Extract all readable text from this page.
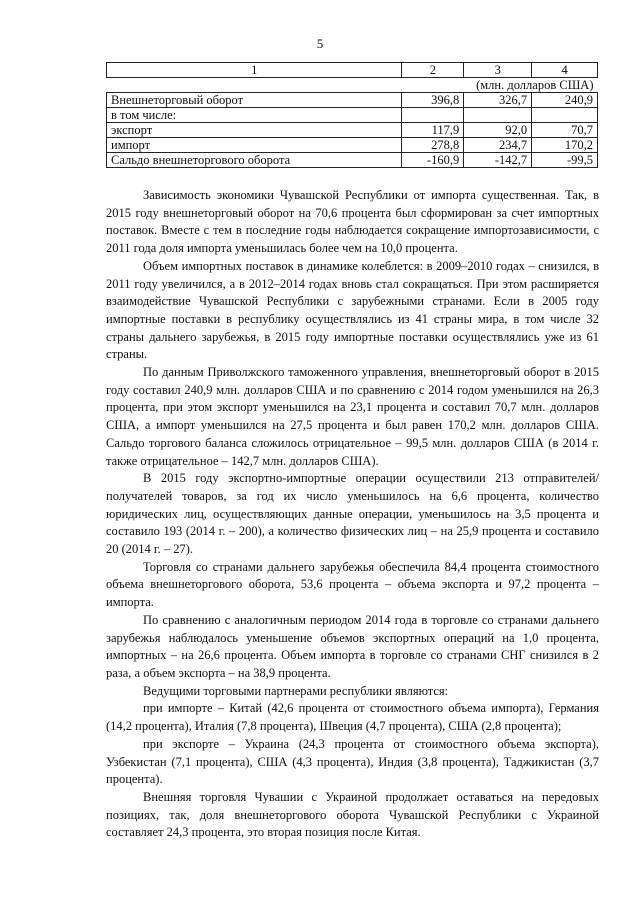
5
1	2	3	4
	(млн. долларов США)		
Внешнеторговый оборот	396,8	326,7	240,9
в том числе:			
экспорт	117,9	92,0	70,7
импорт	278,8	234,7	170,2
Сальдо внешнеторгового оборота	-160,9	-142,7	-99,5

Зависимость экономики Чувашской Республики от импорта существенная. Так, в 2015 году внешнеторговый оборот на 70,6 процента был сформирован за счет импортных поставок. Вместе с тем в последние годы наблюдается сокращение импортозависимости, с 2011 года доля импорта уменьшилась более чем на 10,0 процента.

Объем импортных поставок в динамике колеблется: в 2009–2010 годах – снизился, в 2011 году увеличился, а в 2012–2014 годах вновь стал сокращаться. При этом расширяется взаимодействие Чувашской Республики с зарубежными странами. Если в 2005 году импортные поставки в республику осуществлялись из 41 страны мира, в том числе 32 страны дальнего зарубежья, в 2015 году импортные поставки осуществлялись уже из 61 страны.

По данным Приволжского таможенного управления, внешнеторговый оборот в 2015 году составил 240,9 млн. долларов США и по сравнению с 2014 годом уменьшился на 26,3 процента, при этом экспорт уменьшился на 23,1 процента и составил 70,7 млн. долларов США, а импорт уменьшился на 27,5 процента и был равен 170,2 млн. долларов США. Сальдо торгового баланса сложилось отрицательное – 99,5 млн. долларов США (в 2014 г. также отрицательное – 142,7 млн. долларов США).

В 2015 году экспортно-импортные операции осуществили 213 отправителей/получателей товаров, за год их число уменьшилось на 6,6 процента, количество юридических лиц, осуществляющих данные операции, уменьшилось на 3,5 процента и составило 193 (2014 г. – 200), а количество физических лиц – на 25,9 процента и составило 20 (2014 г. – 27).

Торговля со странами дальнего зарубежья обеспечила 84,4 процента стоимостного объема внешнеторгового оборота, 53,6 процента – объема экспорта и 97,2 процента – импорта.

По сравнению с аналогичным периодом 2014 года в торговле со странами дальнего зарубежья наблюдалось уменьшение объемов экспортных операций на 1,0 процента, импортных – на 26,6 процента. Объем импорта в торговле со странами СНГ снизился в 2 раза, а объем экспорта – на 38,9 процента.

Ведущими торговыми партнерами республики являются:

при импорте – Китай (42,6 процента от стоимостного объема импорта), Германия (14,2 процента), Италия (7,8 процента), Швеция (4,7 процента), США (2,8 процента);

при экспорте – Украина (24,3 процента от стоимостного объема экспорта), Узбекистан (7,1 процента), США (4,3 процента), Индия (3,8 процента), Таджикистан (3,7 процента).

Внешняя торговля Чувашии с Украиной продолжает оставаться на передовых позициях, так, доля внешнеторгового оборота Чувашской Республики с Украиной составляет 24,3 процента, это вторая позиция после Китая.
